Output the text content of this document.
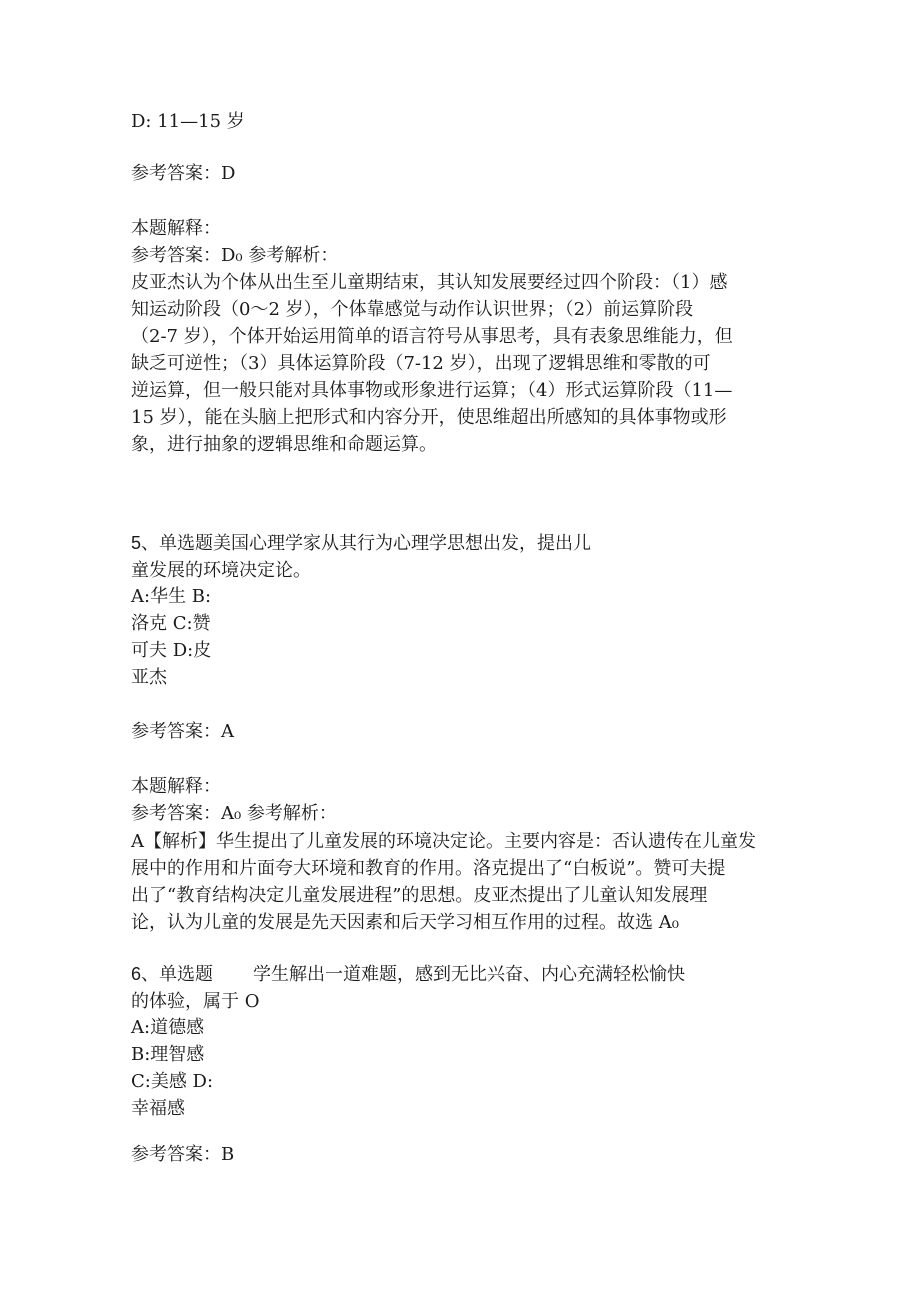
D: 11—15 岁
参考答案：D
本题解释：
参考答案：D₀ 参考解析：
皮亚杰认为个体从出生至儿童期结束，其认知发展要经过四个阶段：（1）感
知运动阶段（0～2 岁），个体靠感觉与动作认识世界；（2）前运算阶段
（2-7 岁），个体开始运用简单的语言符号从事思考，具有表象思维能力，但
缺乏可逆性；（3）具体运算阶段（7-12 岁），出现了逻辑思维和零散的可
逆运算，但一般只能对具体事物或形象进行运算；（4）形式运算阶段（11—
15 岁），能在头脑上把形式和内容分开，使思维超出所感知的具体事物或形
象，进行抽象的逻辑思维和命题运算。
5、单选题美国心理学家从其行为心理学思想出发，提出儿
童发展的环境决定论。
A:华生 B:
洛克 C:赞
可夫 D:皮
亚杰
参考答案：A
本题解释：
参考答案：A₀ 参考解析：
A【解析】华生提出了儿童发展的环境决定论。主要内容是：否认遗传在儿童发
展中的作用和片面夸大环境和教育的作用。洛克提出了“白板说”。赞可夫提
出了“教育结构决定儿童发展进程”的思想。皮亚杰提出了儿童认知发展理
论，认为儿童的发展是先天因素和后天学习相互作用的过程。故选 A₀
6、单选题 学生解出一道难题，感到无比兴奋、内心充满轻松愉快
的体验，属于 O
A:道德感
B:理智感
C:美感 D:
幸福感
参考答案：B
